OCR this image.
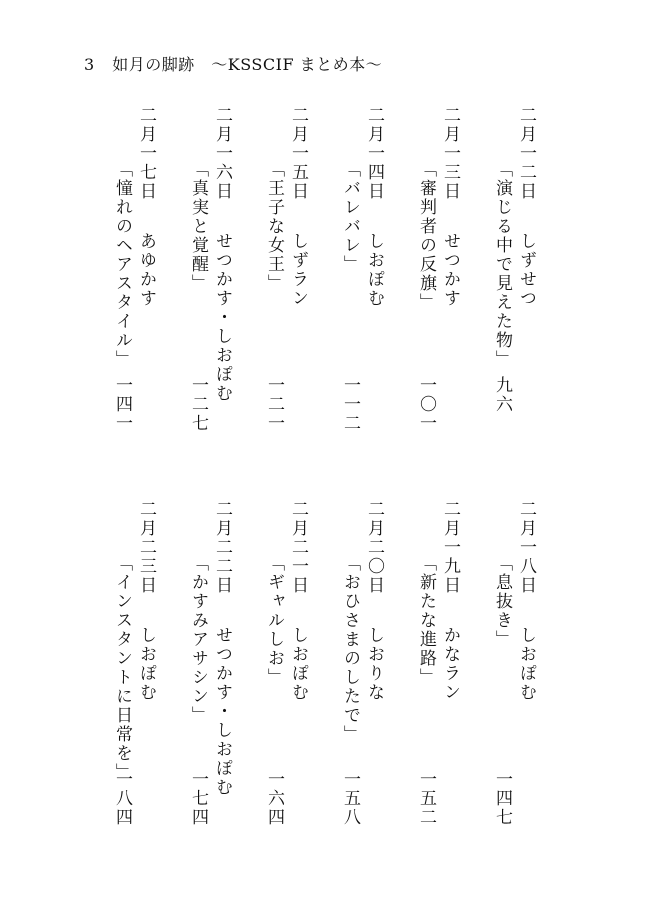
3 如月の脚跡　～KSSCIF まとめ本～
二月一二日
しずせつ
「演じる中で見えた物」
九六
二月一三日
せつかす
「審判者の反旗」
一〇一
二月一四日
しおぽむ
「バレバレ」
一一二
二月一五日
しずラン
「王子な女王」
一二一
二月一六日
せつかす・しおぽむ
「真実と覚醒」
一二七
二月一七日
あゆかす
「憧れのヘアスタイル」
一四一
二月一八日
しおぽむ
「息抜き」
一四七
二月一九日
かなラン
「新たな進路」
一五二
二月二〇日
しおりな
「おひさまのしたで」
一五八
二月二一日
しおぽむ
「ギャルしお」
一六四
二月二二日
せつかす・しおぽむ
「かすみアサシン」
一七四
二月二三日
しおぽむ
「インスタントに日常を」
一八四
